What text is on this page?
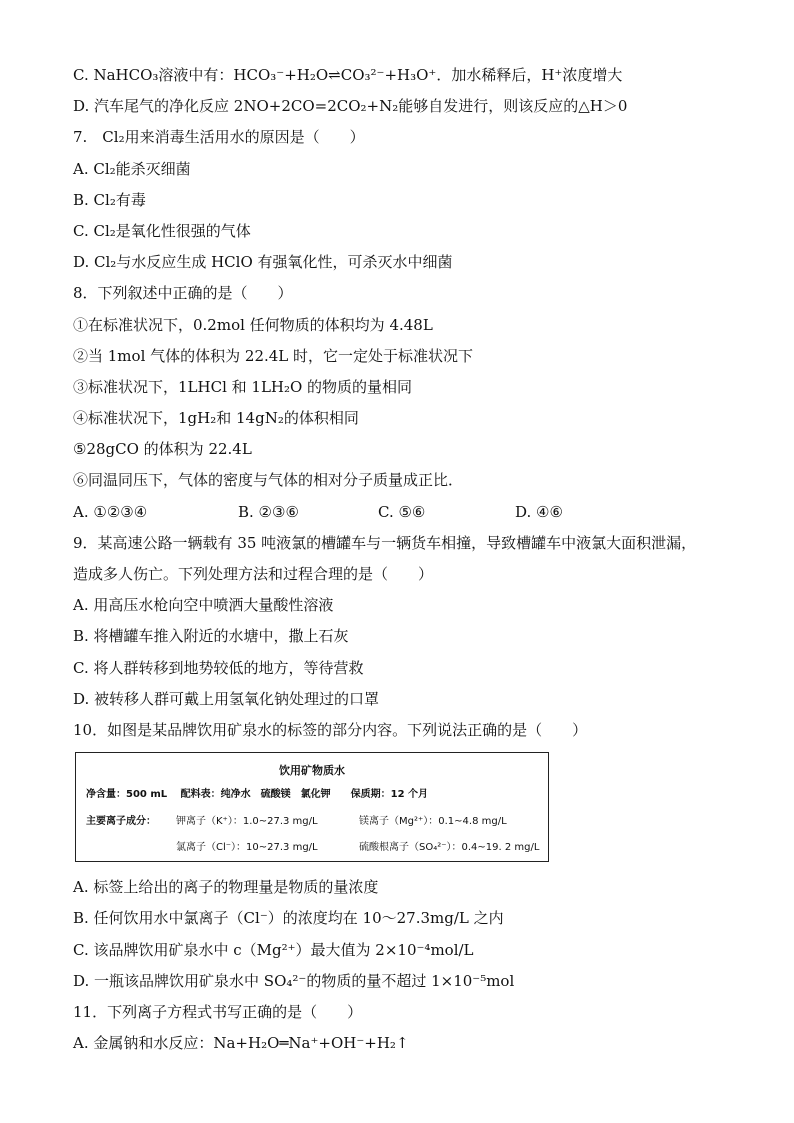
C. NaHCO₃溶液中有：HCO₃⁻+H₂O⇌CO₃²⁻+H₃O⁺．加水稀释后，H⁺浓度增大
D. 汽车尾气的净化反应 2NO+2CO=2CO₂+N₂能够自发进行，则该反应的△H＞0
7.　Cl₂用来消毒生活用水的原因是（　　）
A. Cl₂能杀灭细菌
B. Cl₂有毒
C. Cl₂是氧化性很强的气体
D. Cl₂与水反应生成 HClO 有强氧化性，可杀灭水中细菌
8．下列叙述中正确的是（　　）
①在标准状况下，0.2mol 任何物质的体积均为 4.48L
②当 1mol 气体的体积为 22.4L 时，它一定处于标准状况下
③标准状况下，1LHCl 和 1LH₂O 的物质的量相同
④标准状况下，1gH₂和 14gN₂的体积相同
⑤28gCO 的体积为 22.4L
⑥同温同压下，气体的密度与气体的相对分子质量成正比．
A. ①②③④	B. ②③⑥	C. ⑤⑥	D. ④⑥
9．某高速公路一辆载有 35 吨液氯的槽罐车与一辆货车相撞，导致槽罐车中液氯大面积泄漏，
造成多人伤亡。下列处理方法和过程合理的是（　　）
A. 用高压水枪向空中喷洒大量酸性溶液
B. 将槽罐车推入附近的水塘中，撒上石灰
C. 将人群转移到地势较低的地方，等待营救
D. 被转移人群可戴上用氢氧化钠处理过的口罩
10．如图是某品牌饮用矿泉水的标签的部分内容。下列说法正确的是（　　）
饮用矿物质水
净含量：500 mL　 配料表：纯净水　硫酸镁　氯化钾　　保质期：12 个月
主要离子成分： 钾离子（K⁺）：1.0~27.3 mg/L	镁离子（Mg²⁺）：0.1~4.8 mg/L
氯离子（Cl⁻）：10~27.3 mg/L	硫酸根离子（SO₄²⁻）：0.4~19. 2 mg/L
A. 标签上给出的离子的物理量是物质的量浓度
B. 任何饮用水中氯离子（Cl⁻）的浓度均在 10～27.3mg/L 之内
C. 该品牌饮用矿泉水中 c（Mg²⁺）最大值为 2×10⁻⁴mol/L
D. 一瓶该品牌饮用矿泉水中 SO₄²⁻的物质的量不超过 1×10⁻⁵mol
11．下列离子方程式书写正确的是（　　）
A. 金属钠和水反应：Na+H₂O═Na⁺+OH⁻+H₂↑
